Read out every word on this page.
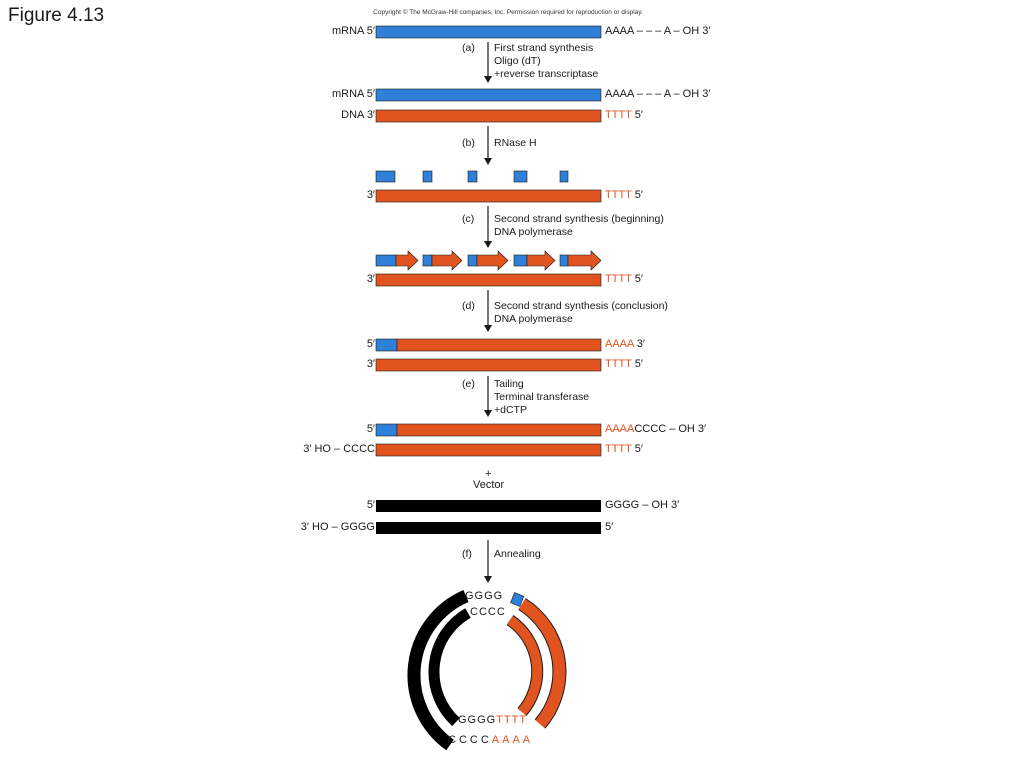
Figure 4.13	Copyright © The McGraw-Hill companies, Inc. Permission required for reproduction or display.
mRNA 5′	AAAA – – – A – OH 3′
mRNA 5′	AAAA – – – A – OH 3′
DNA 3′	TTTT 5′
3′	TTTT 5′
3′	TTTT 5′
5′	AAAA 3′
3′	TTTT 5′
5′	AAAACCCC – OH 3′
3′ HO – CCCC	TTTT 5′
+
Vector
5′	GGGG – OH 3′
3′ HO – GGGG	5′
(a) First strand synthesis
Oligo (dT)
+reverse transcriptase
(b) RNase H
(c) Second strand synthesis (beginning)
DNA polymerase
(d) Second strand synthesis (conclusion)
DNA polymerase
(e) Tailing
Terminal transferase
+dCTP
(f) Annealing
GGGG
CCCC
GGGGTTTT
CCCCAAAA
